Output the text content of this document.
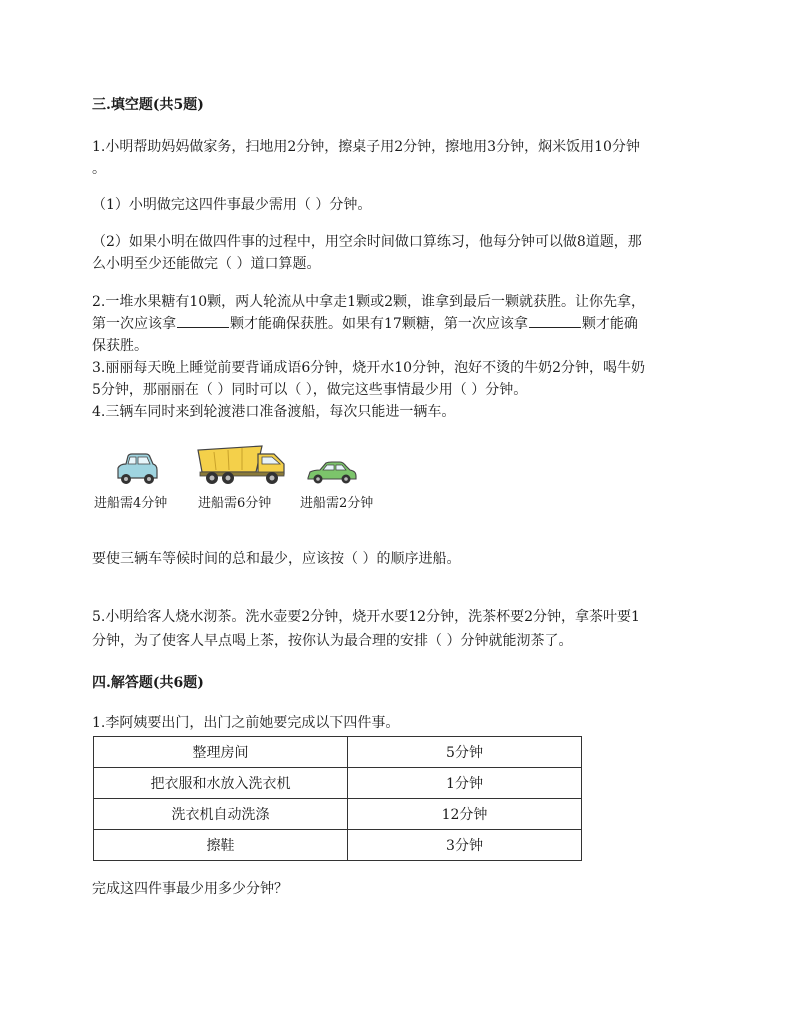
三.填空题(共5题)
1.小明帮助妈妈做家务，扫地用2分钟，擦桌子用2分钟，擦地用3分钟，焖米饭用10分钟
。
（1）小明做完这四件事最少需用（ ）分钟。
（2）如果小明在做四件事的过程中，用空余时间做口算练习，他每分钟可以做8道题，那
么小明至少还能做完（ ）道口算题。
2.一堆水果糖有10颗，两人轮流从中拿走1颗或2颗，谁拿到最后一颗就获胜。让你先拿，
第一次应该拿	颗才能确保获胜。如果有17颗糖，第一次应该拿	颗才能确
保获胜。
3.丽丽每天晚上睡觉前要背诵成语6分钟，烧开水10分钟，泡好不烫的牛奶2分钟，喝牛奶
5分钟，那丽丽在（ ）同时可以（ ），做完这些事情最少用（ ）分钟。
4.三辆车同时来到轮渡港口准备渡船，每次只能进一辆车。
进船需4分钟 进船需6分钟 进船需2分钟
要使三辆车等候时间的总和最少，应该按（ ）的顺序进船。
5.小明给客人烧水沏茶。洗水壶要2分钟，烧开水要12分钟，洗茶杯要2分钟，拿茶叶要1
分钟，为了使客人早点喝上茶，按你认为最合理的安排（ ）分钟就能沏茶了。
四.解答题(共6题)
1.李阿姨要出门，出门之前她要完成以下四件事。
整理房间	5分钟
把衣服和水放入洗衣机	1分钟
洗衣机自动洗涤	12分钟
擦鞋	3分钟
完成这四件事最少用多少分钟？
